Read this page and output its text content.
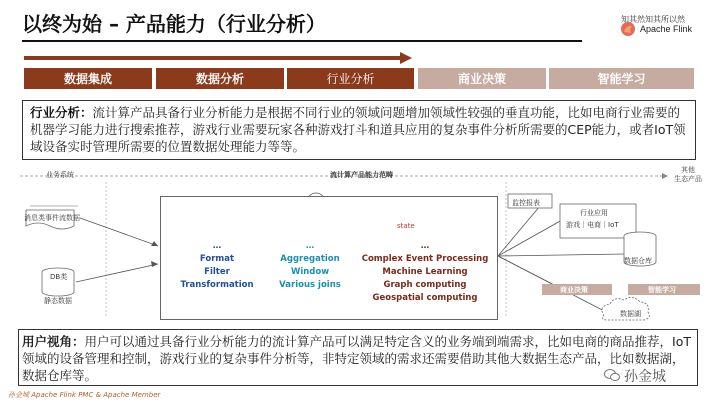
以终为始 – 产品能力（行业分析）	知其然知其所以然
Apache Flink
数据集成	数据分析	行业分析	商业决策	智能学习
行业分析：流计算产品具备行业分析能力是根据不同行业的领域问题增加领域性较强的垂直功能，比如电商行业需要的机器学习能力进行搜索推荐，游戏行业需要玩家各种游戏打斗和道具应用的复杂事件分析所需要的CEP能力，或者IoT领域设备实时管理所需要的位置数据处理能力等等。
业务系统	流计算产品能力范畴
其他
生态产品
消息类事件流数据
DB类
静态数据
…
Format
Filter
Transformation
…
Aggregation
Window
Various joins
state
…
Complex Event Processing
Machine Learning
Graph computing
Geospatial computing
监控报表
行业应用
游戏｜电商｜IoT
数据仓库
商业决策	智能学习
数据湖
用户视角：用户可以通过具备行业分析能力的流计算产品可以满足特定含义的业务端到端需求，比如电商的商品推荐，IoT领域的设备管理和控制，游戏行业的复杂事件分析等，非特定领域的需求还需要借助其他大数据生态产品，比如数据湖，数据仓库等。
孙金城 Apache Flink PMC & Apache Member
孙金城
